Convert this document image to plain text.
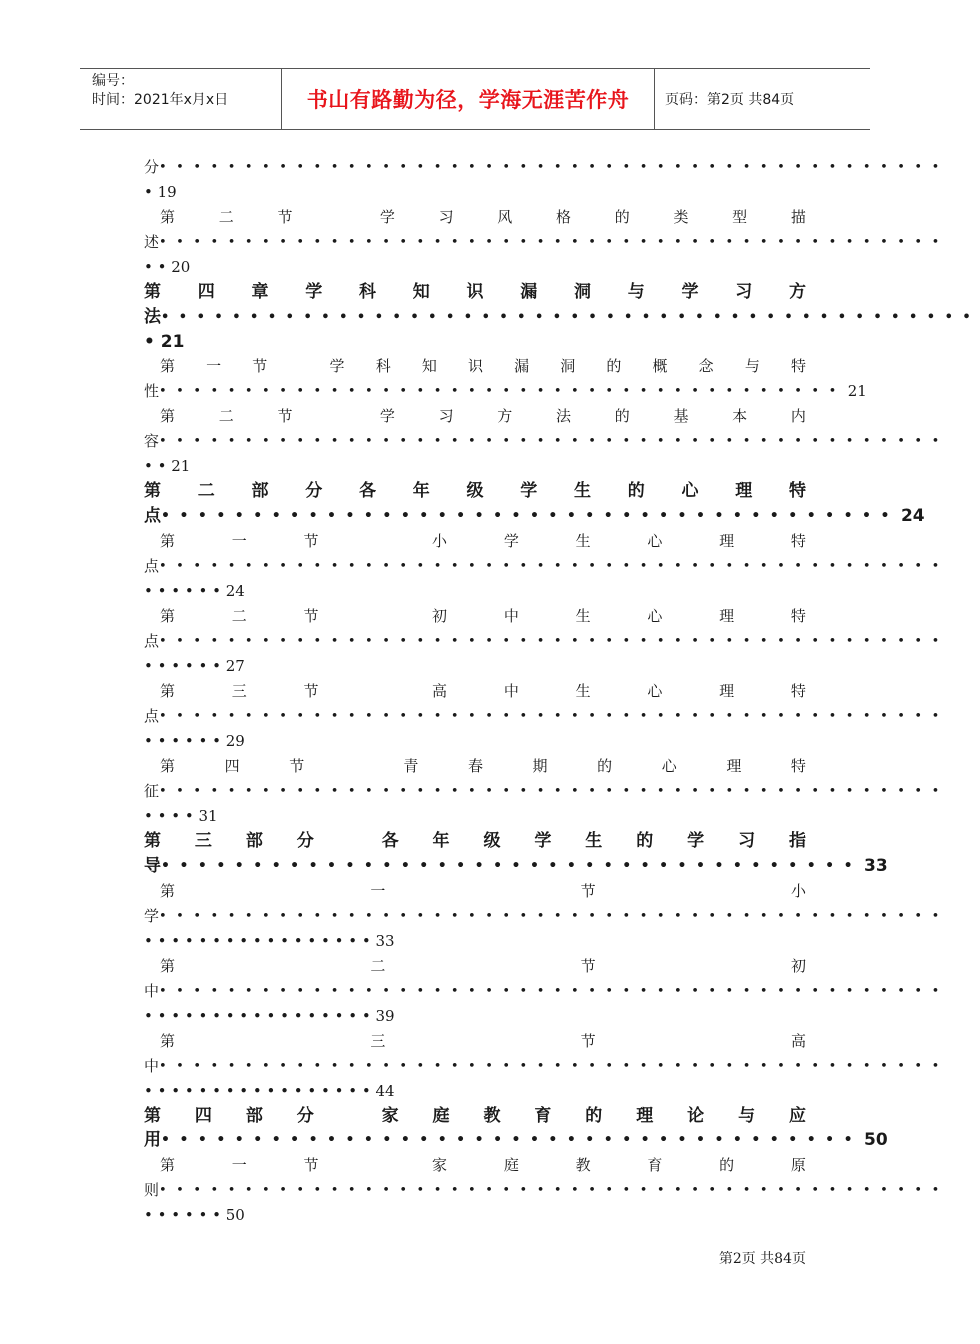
编号：
时间：2021年x月x日	书山有路勤为径，学海无涯苦作舟	页码：第2页 共84页
分 ••••••••••••••••••••••••••••••••••••••••••••••
• 19
第	二	节	学	习	风	格	的	类	型	描
述 ••••••••••••••••••••••••••••••••••••••••••••••
• • 20
第 四 章 学 科 知 识 漏 洞 与 学 习 方
法 ••••••••••••••••••••••••••••••••••••••••••••••
• 21
第 一 节	学 科 知 识 漏 洞 的 概 念 与 特
性 •••••••••••••••••••••••••••••••••••••••• 21
第	二	节	学	习	方	法	的	基	本	内
容 ••••••••••••••••••••••••••••••••••••••••••••••
• • 21
第 二 部 分 各 年 级 学 生 的 心 理 特
点 •••••••••••••••••••••••••••••••••••••••• 24
第	一	节	小	学	生	心	理	特
点 ••••••••••••••••••••••••••••••••••••••••••••••
• • • • • • 24
第	二	节	初	中	生	心	理	特
点 ••••••••••••••••••••••••••••••••••••••••••••••
• • • • • • 27
第	三	节	高	中	生	心	理	特
点 ••••••••••••••••••••••••••••••••••••••••••••••
• • • • • • 29
第	四	节	青	春	期	的	心	理	特
征 ••••••••••••••••••••••••••••••••••••••••••••••
• • • • 31
第 三 部 分	各 年 级 学 生 的 学 习 指
导 •••••••••••••••••••••••••••••••••••••• 33
第	一	节	小
学 ••••••••••••••••••••••••••••••••••••••••••••••
• • • • • • • • • • • • • • • • • 33
第	二	节	初
中 ••••••••••••••••••••••••••••••••••••••••••••••
• • • • • • • • • • • • • • • • • 39
第	三	节	高
中 ••••••••••••••••••••••••••••••••••••••••••••••
• • • • • • • • • • • • • • • • • 44
第 四 部 分	家 庭 教 育 的 理 论 与 应
用 •••••••••••••••••••••••••••••••••••••• 50
第	一	节	家	庭	教	育	的	原
则 ••••••••••••••••••••••••••••••••••••••••••••••
• • • • • • 50
第2页 共84页
